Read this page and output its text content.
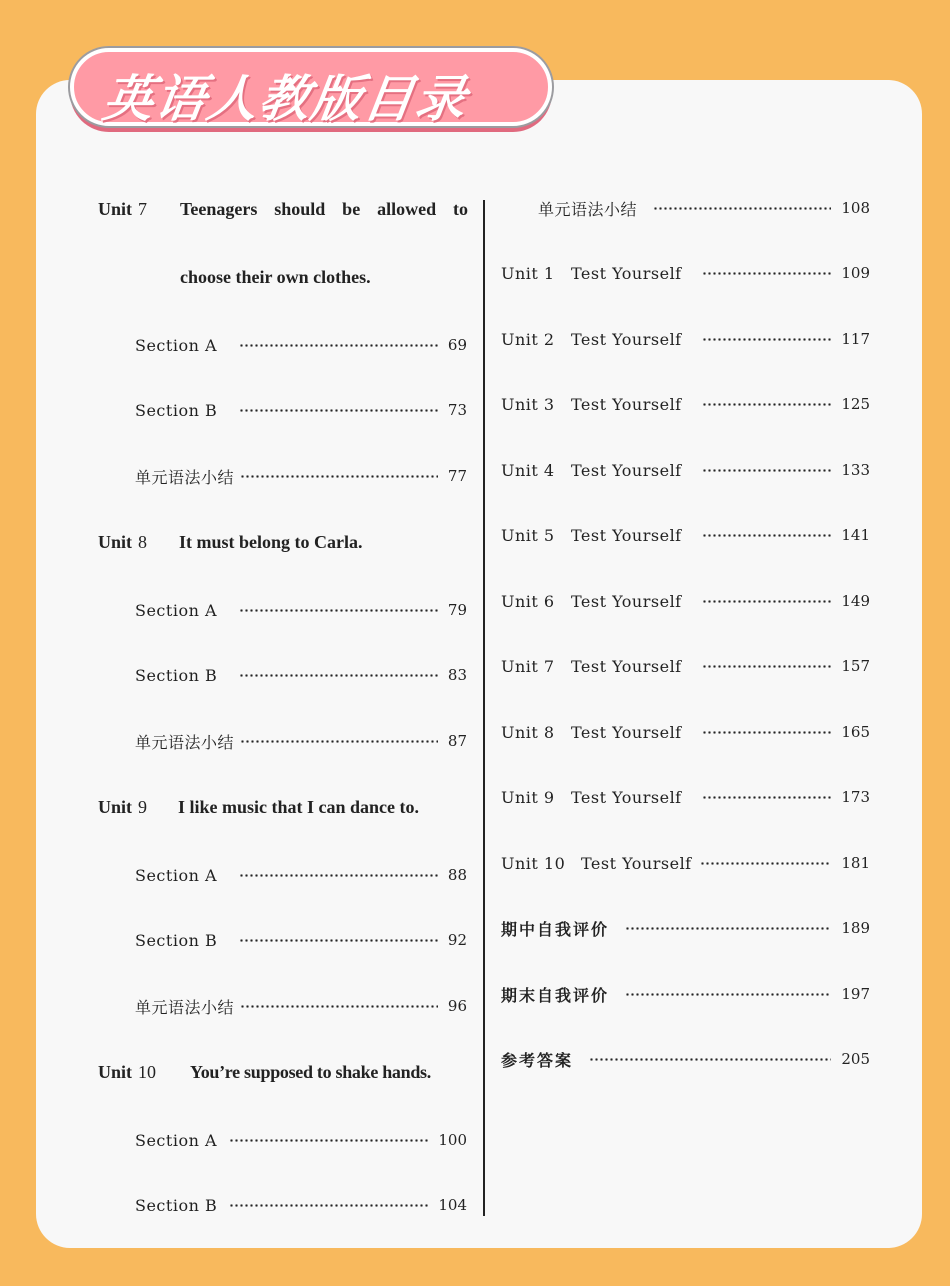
英语人教版目录
Unit 7 Teenagers should be allowed to
choose their own clothes.
Section A	69
Section B	73
单元语法小结	77
Unit 8 It must belong to Carla.
Section A	79
Section B	83
单元语法小结	87
Unit 9 I like music that I can dance to.
Section A	88
Section B	92
单元语法小结	96
Unit 10 You’re supposed to shake hands.
Section A	100
Section B	104
单元语法小结	108
Unit 1	Test Yourself	109
Unit 2	Test Yourself	117
Unit 3	Test Yourself	125
Unit 4	Test Yourself	133
Unit 5	Test Yourself	141
Unit 6	Test Yourself	149
Unit 7	Test Yourself	157
Unit 8	Test Yourself	165
Unit 9	Test Yourself	173
Unit 10 Test Yourself	181
期中自我评价	189
期末自我评价	197
参考答案	205
